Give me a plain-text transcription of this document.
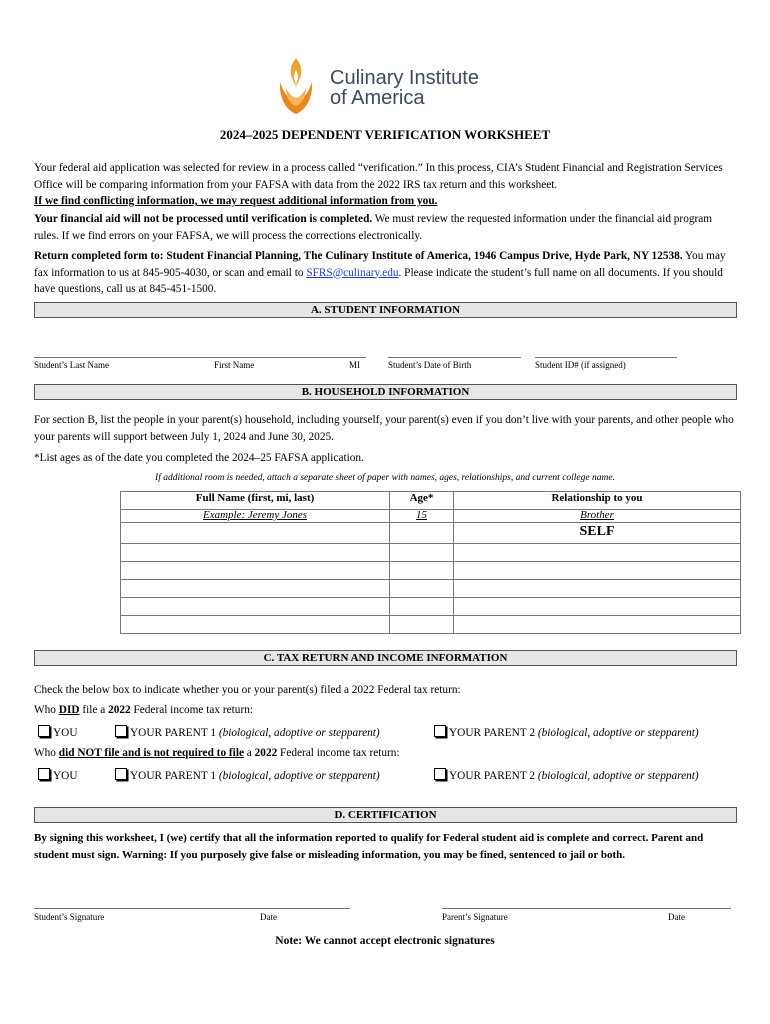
Culinary Institute
of America
2024–2025 DEPENDENT VERIFICATION WORKSHEET
Your federal aid application was selected for review in a process called “verification.” In this process, CIA’s Student Financial and Registration Services Office will be comparing information from your FAFSA with data from the 2022 IRS tax return and this worksheet.
If we find conflicting information, we may request additional information from you.
Your financial aid will not be processed until verification is completed. We must review the requested information under the financial aid program rules. If we find errors on your FAFSA, we will process the corrections electronically.
Return completed form to: Student Financial Planning, The Culinary Institute of America, 1946 Campus Drive, Hyde Park, NY 12538. You may fax information to us at 845-905-4030, or scan and email to SFRS@culinary.edu. Please indicate the student’s full name on all documents. If you should have questions, call us at 845-451-1500.
A. STUDENT INFORMATION
Student’s Last Name	First Name	MI	Student’s Date of Birth	Student ID# (if assigned)
B. HOUSEHOLD INFORMATION
For section B, list the people in your parent(s) household, including yourself, your parent(s) even if you don’t live with your parents, and other people who your parents will support between July 1, 2024 and June 30, 2025.
*List ages as of the date you completed the 2024–25 FAFSA application.
If additional room is needed, attach a separate sheet of paper with names, ages, relationships, and current college name.
Full Name (first, mi, last)	Age*	Relationship to you
Example: Jeremy Jones	15	Brother
		SELF

C. TAX RETURN AND INCOME INFORMATION
Check the below box to indicate whether you or your parent(s) filed a 2022 Federal tax return:
Who DID file a 2022 Federal income tax return:
YOU	YOUR PARENT 1 (biological, adoptive or stepparent)	YOUR PARENT 2 (biological, adoptive or stepparent)
Who did NOT file and is not required to file a 2022 Federal income tax return:
YOU	YOUR PARENT 1 (biological, adoptive or stepparent)	YOUR PARENT 2 (biological, adoptive or stepparent)
D. CERTIFICATION
By signing this worksheet, I (we) certify that all the information reported to qualify for Federal student aid is complete and correct. Parent and student must sign. Warning: If you purposely give false or misleading information, you may be fined, sentenced to jail or both.
Student’s Signature	Date	Parent’s Signature	Date
Note: We cannot accept electronic signatures
